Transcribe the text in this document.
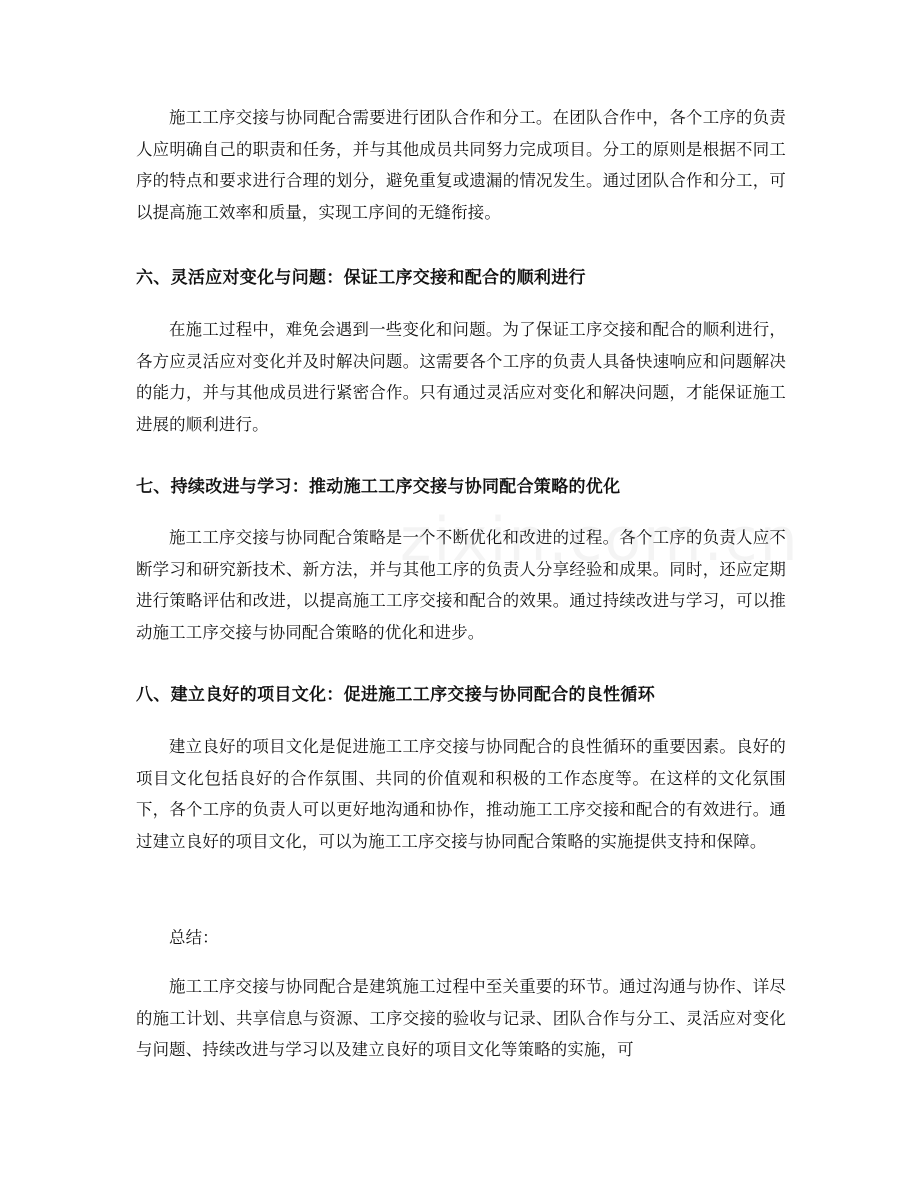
施工工序交接与协同配合需要进行团队合作和分工。在团队合作中，各个工序的负责人应明确自己的职责和任务，并与其他成员共同努力完成项目。分工的原则是根据不同工序的特点和要求进行合理的划分，避免重复或遗漏的情况发生。通过团队合作和分工，可以提高施工效率和质量，实现工序间的无缝衔接。

六、灵活应对变化与问题：保证工序交接和配合的顺利进行

在施工过程中，难免会遇到一些变化和问题。为了保证工序交接和配合的顺利进行，各方应灵活应对变化并及时解决问题。这需要各个工序的负责人具备快速响应和问题解决的能力，并与其他成员进行紧密合作。只有通过灵活应对变化和解决问题，才能保证施工进展的顺利进行。

七、持续改进与学习：推动施工工序交接与协同配合策略的优化

施工工序交接与协同配合策略是一个不断优化和改进的过程。各个工序的负责人应不断学习和研究新技术、新方法，并与其他工序的负责人分享经验和成果。同时，还应定期进行策略评估和改进，以提高施工工序交接和配合的效果。通过持续改进与学习，可以推动施工工序交接与协同配合策略的优化和进步。

八、建立良好的项目文化：促进施工工序交接与协同配合的良性循环

建立良好的项目文化是促进施工工序交接与协同配合的良性循环的重要因素。良好的项目文化包括良好的合作氛围、共同的价值观和积极的工作态度等。在这样的文化氛围下，各个工序的负责人可以更好地沟通和协作，推动施工工序交接和配合的有效进行。通过建立良好的项目文化，可以为施工工序交接与协同配合策略的实施提供支持和保障。

总结：

施工工序交接与协同配合是建筑施工过程中至关重要的环节。通过沟通与协作、详尽的施工计划、共享信息与资源、工序交接的验收与记录、团队合作与分工、灵活应对变化与问题、持续改进与学习以及建立良好的项目文化等策略的实施，可
